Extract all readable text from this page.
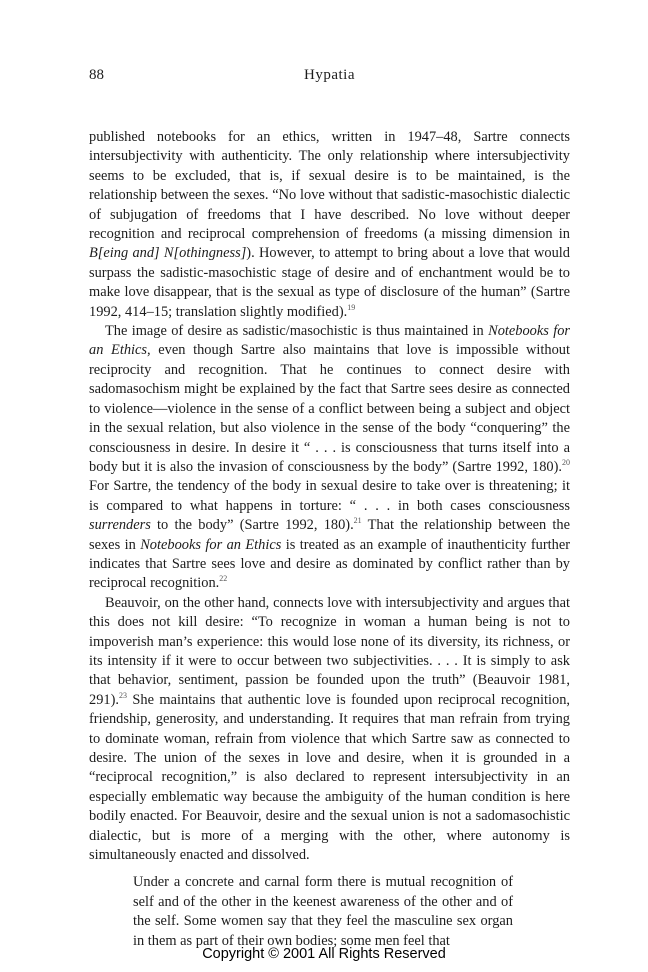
88	Hypatia

published notebooks for an ethics, written in 1947–48, Sartre connects intersubjectivity with authenticity. The only relationship where intersubjectivity seems to be excluded, that is, if sexual desire is to be maintained, is the relationship between the sexes. “No love without that sadistic-masochistic dialectic of subjugation of freedoms that I have described. No love without deeper recognition and reciprocal comprehension of freedoms (a missing dimension in B[eing and] N[othingness]). However, to attempt to bring about a love that would surpass the sadistic-masochistic stage of desire and of enchantment would be to make love disappear, that is the sexual as type of disclosure of the human” (Sartre 1992, 414–15; translation slightly modified).$^{19}$

The image of desire as sadistic/masochistic is thus maintained in Notebooks for an Ethics, even though Sartre also maintains that love is impossible without reciprocity and recognition. That he continues to connect desire with sadomasochism might be explained by the fact that Sartre sees desire as connected to violence—violence in the sense of a conflict between being a subject and object in the sexual relation, but also violence in the sense of the body “conquering” the consciousness in desire. In desire it “ . . . is consciousness that turns itself into a body but it is also the invasion of consciousness by the body” (Sartre 1992, 180).$^{20}$ For Sartre, the tendency of the body in sexual desire to take over is threatening; it is compared to what happens in torture: “ . . . in both cases consciousness surrenders to the body” (Sartre 1992, 180).$^{21}$ That the relationship between the sexes in Notebooks for an Ethics is treated as an example of inauthenticity further indicates that Sartre sees love and desire as dominated by conflict rather than by reciprocal recognition.$^{22}$

Beauvoir, on the other hand, connects love with intersubjectivity and argues that this does not kill desire: “To recognize in woman a human being is not to impoverish man’s experience: this would lose none of its diversity, its richness, or its intensity if it were to occur between two subjectivities. . . . It is simply to ask that behavior, sentiment, passion be founded upon the truth” (Beauvoir 1981, 291).$^{23}$ She maintains that authentic love is founded upon reciprocal recognition, friendship, generosity, and understanding. It requires that man refrain from trying to dominate woman, refrain from violence that which Sartre saw as connected to desire. The union of the sexes in love and desire, when it is grounded in a “reciprocal recognition,” is also declared to represent intersubjectivity in an especially emblematic way because the ambiguity of the human condition is here bodily enacted. For Beauvoir, desire and the sexual union is not a sadomasochistic dialectic, but is more of a merging with the other, where autonomy is simultaneously enacted and dissolved.

Under a concrete and carnal form there is mutual recognition of self and of the other in the keenest awareness of the other and of the self. Some women say that they feel the masculine sex organ in them as part of their own bodies; some men feel that

Copyright © 2001 All Rights Reserved
